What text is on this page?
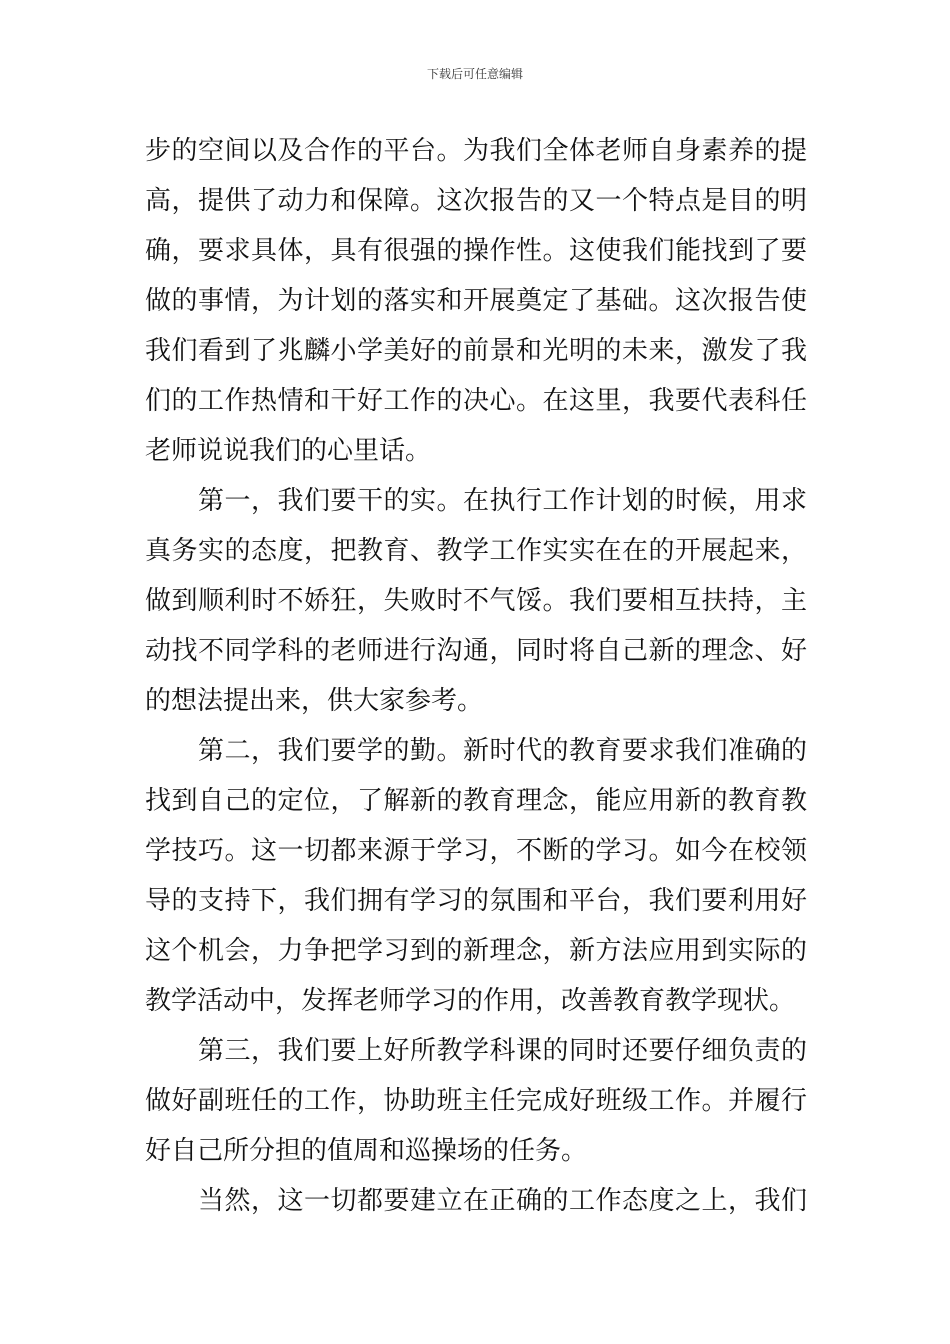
下载后可任意编辑
步的空间以及合作的平台。为我们全体老师自身素养的提
高，提供了动力和保障。这次报告的又一个特点是目的明
确，要求具体，具有很强的操作性。这使我们能找到了要
做的事情，为计划的落实和开展奠定了基础。这次报告使
我们看到了兆麟小学美好的前景和光明的未来，激发了我
们的工作热情和干好工作的决心。在这里，我要代表科任
老师说说我们的心里话。
第一，我们要干的实。在执行工作计划的时候，用求
真务实的态度，把教育、教学工作实实在在的开展起来，
做到顺利时不娇狂，失败时不气馁。我们要相互扶持，主
动找不同学科的老师进行沟通，同时将自己新的理念、好
的想法提出来，供大家参考。
第二，我们要学的勤。新时代的教育要求我们准确的
找到自己的定位，了解新的教育理念，能应用新的教育教
学技巧。这一切都来源于学习，不断的学习。如今在校领
导的支持下，我们拥有学习的氛围和平台，我们要利用好
这个机会，力争把学习到的新理念，新方法应用到实际的
教学活动中，发挥老师学习的作用，改善教育教学现状。
第三，我们要上好所教学科课的同时还要仔细负责的
做好副班任的工作，协助班主任完成好班级工作。并履行
好自己所分担的值周和巡操场的任务。
当然，这一切都要建立在正确的工作态度之上，我们
